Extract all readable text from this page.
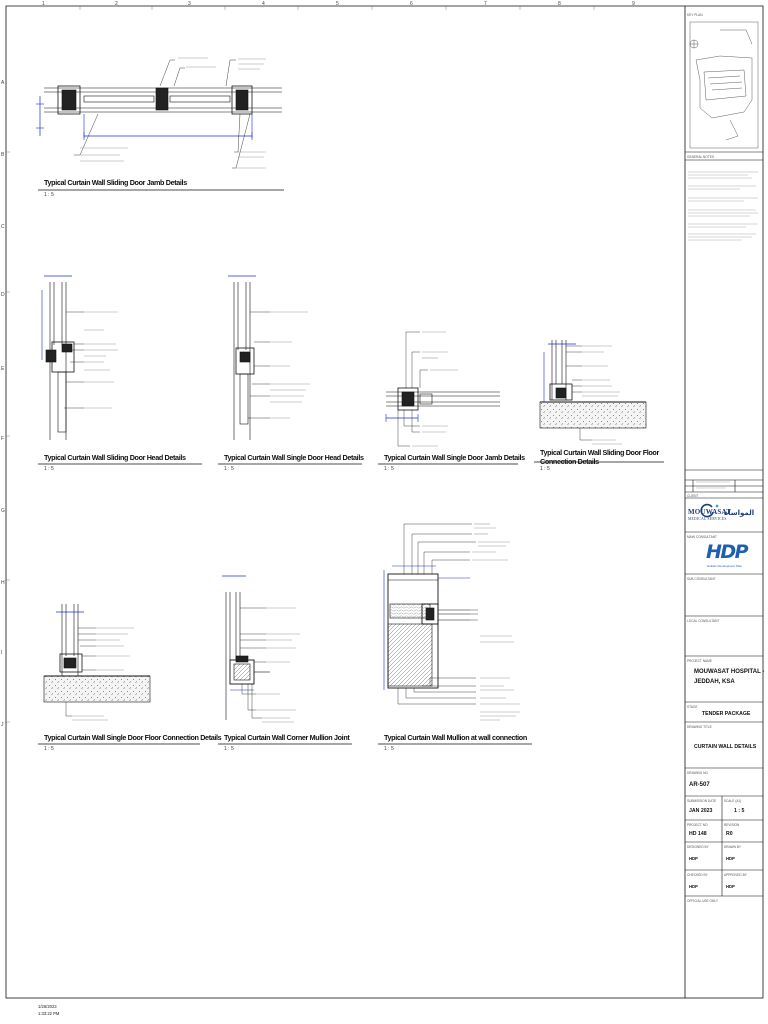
1	2	3	4	5	6	7	8	9
A
B
C
D
E
F
G
H
I
J
Typical Curtain Wall Sliding Door Jamb Details
1 : 5
Typical Curtain Wall Sliding Door Head Details
1 : 5
Typical Curtain Wall Single Door Head Details
1 : 5
Typical Curtain Wall Single Door Jamb Details
1 : 5
Typical Curtain Wall Sliding Door Floor Connection Details
1 : 5
Typical Curtain Wall Single Door Floor Connection Details
1 : 5
Typical Curtain Wall Corner Mullion Joint
1 : 5
Typical Curtain Wall Mullion at wall connection
1 : 5
KEY PLAN
GENERAL NOTES
CLIENT
MOUWASAT
MEDICAL SERVICES
المواساة
MAIN CONSULTANT
HDP
Holistic Development Plan
SUB CONSULTANT
LOCAL CONSULTANT
PROJECT NAME
MOUWASAT HOSPITAL -
JEDDAH, KSA
STAGE
TENDER PACKAGE
DRAWING TITLE
CURTAIN WALL DETAILS
DRAWING NO.
AR-507
SUBMISSION DATE
JAN 2023
SCALE (A1)
1 : 5
PROJECT NO.
HD 148
REVISION
R0
DESIGNED BY
HDP
DRAWN BY
HDP
CHECKED BY
HDP
APPROVED BY
HDP
OFFICIAL USE ONLY
1/26/2023
1:33:22 PM
